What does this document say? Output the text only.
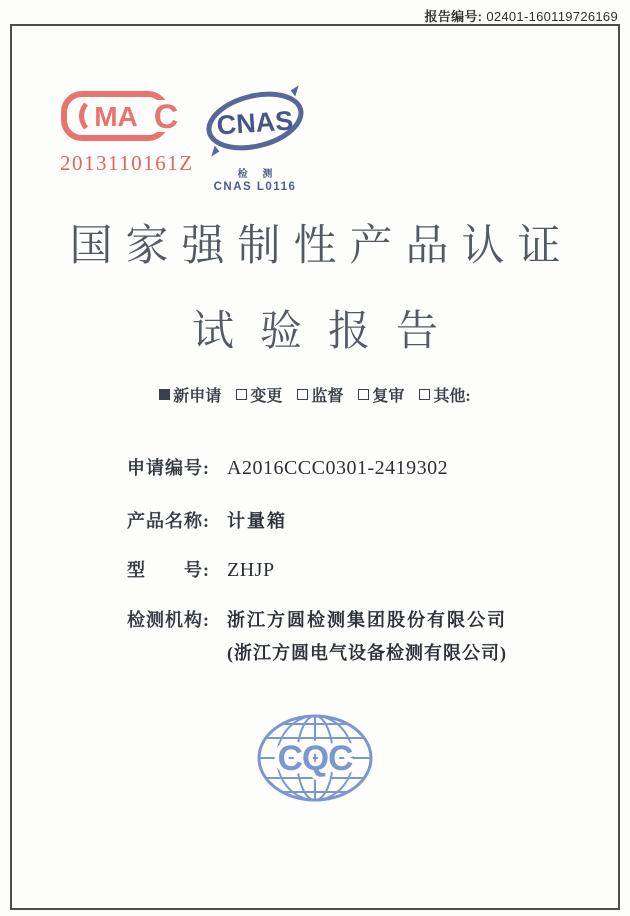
报告编号: 02401-160119726169
MA C
2013110161Z
CNAS
检 测
CNAS L0116
国家强制性产品认证
试验报告
新申请 变更 监督 复审 其他:
申请编号: A2016CCC0301-2419302
产品名称: 计量箱
型　　号: ZHJP
检测机构: 浙江方圆检测集团股份有限公司
(浙江方圆电气设备检测有限公司)
CQC
